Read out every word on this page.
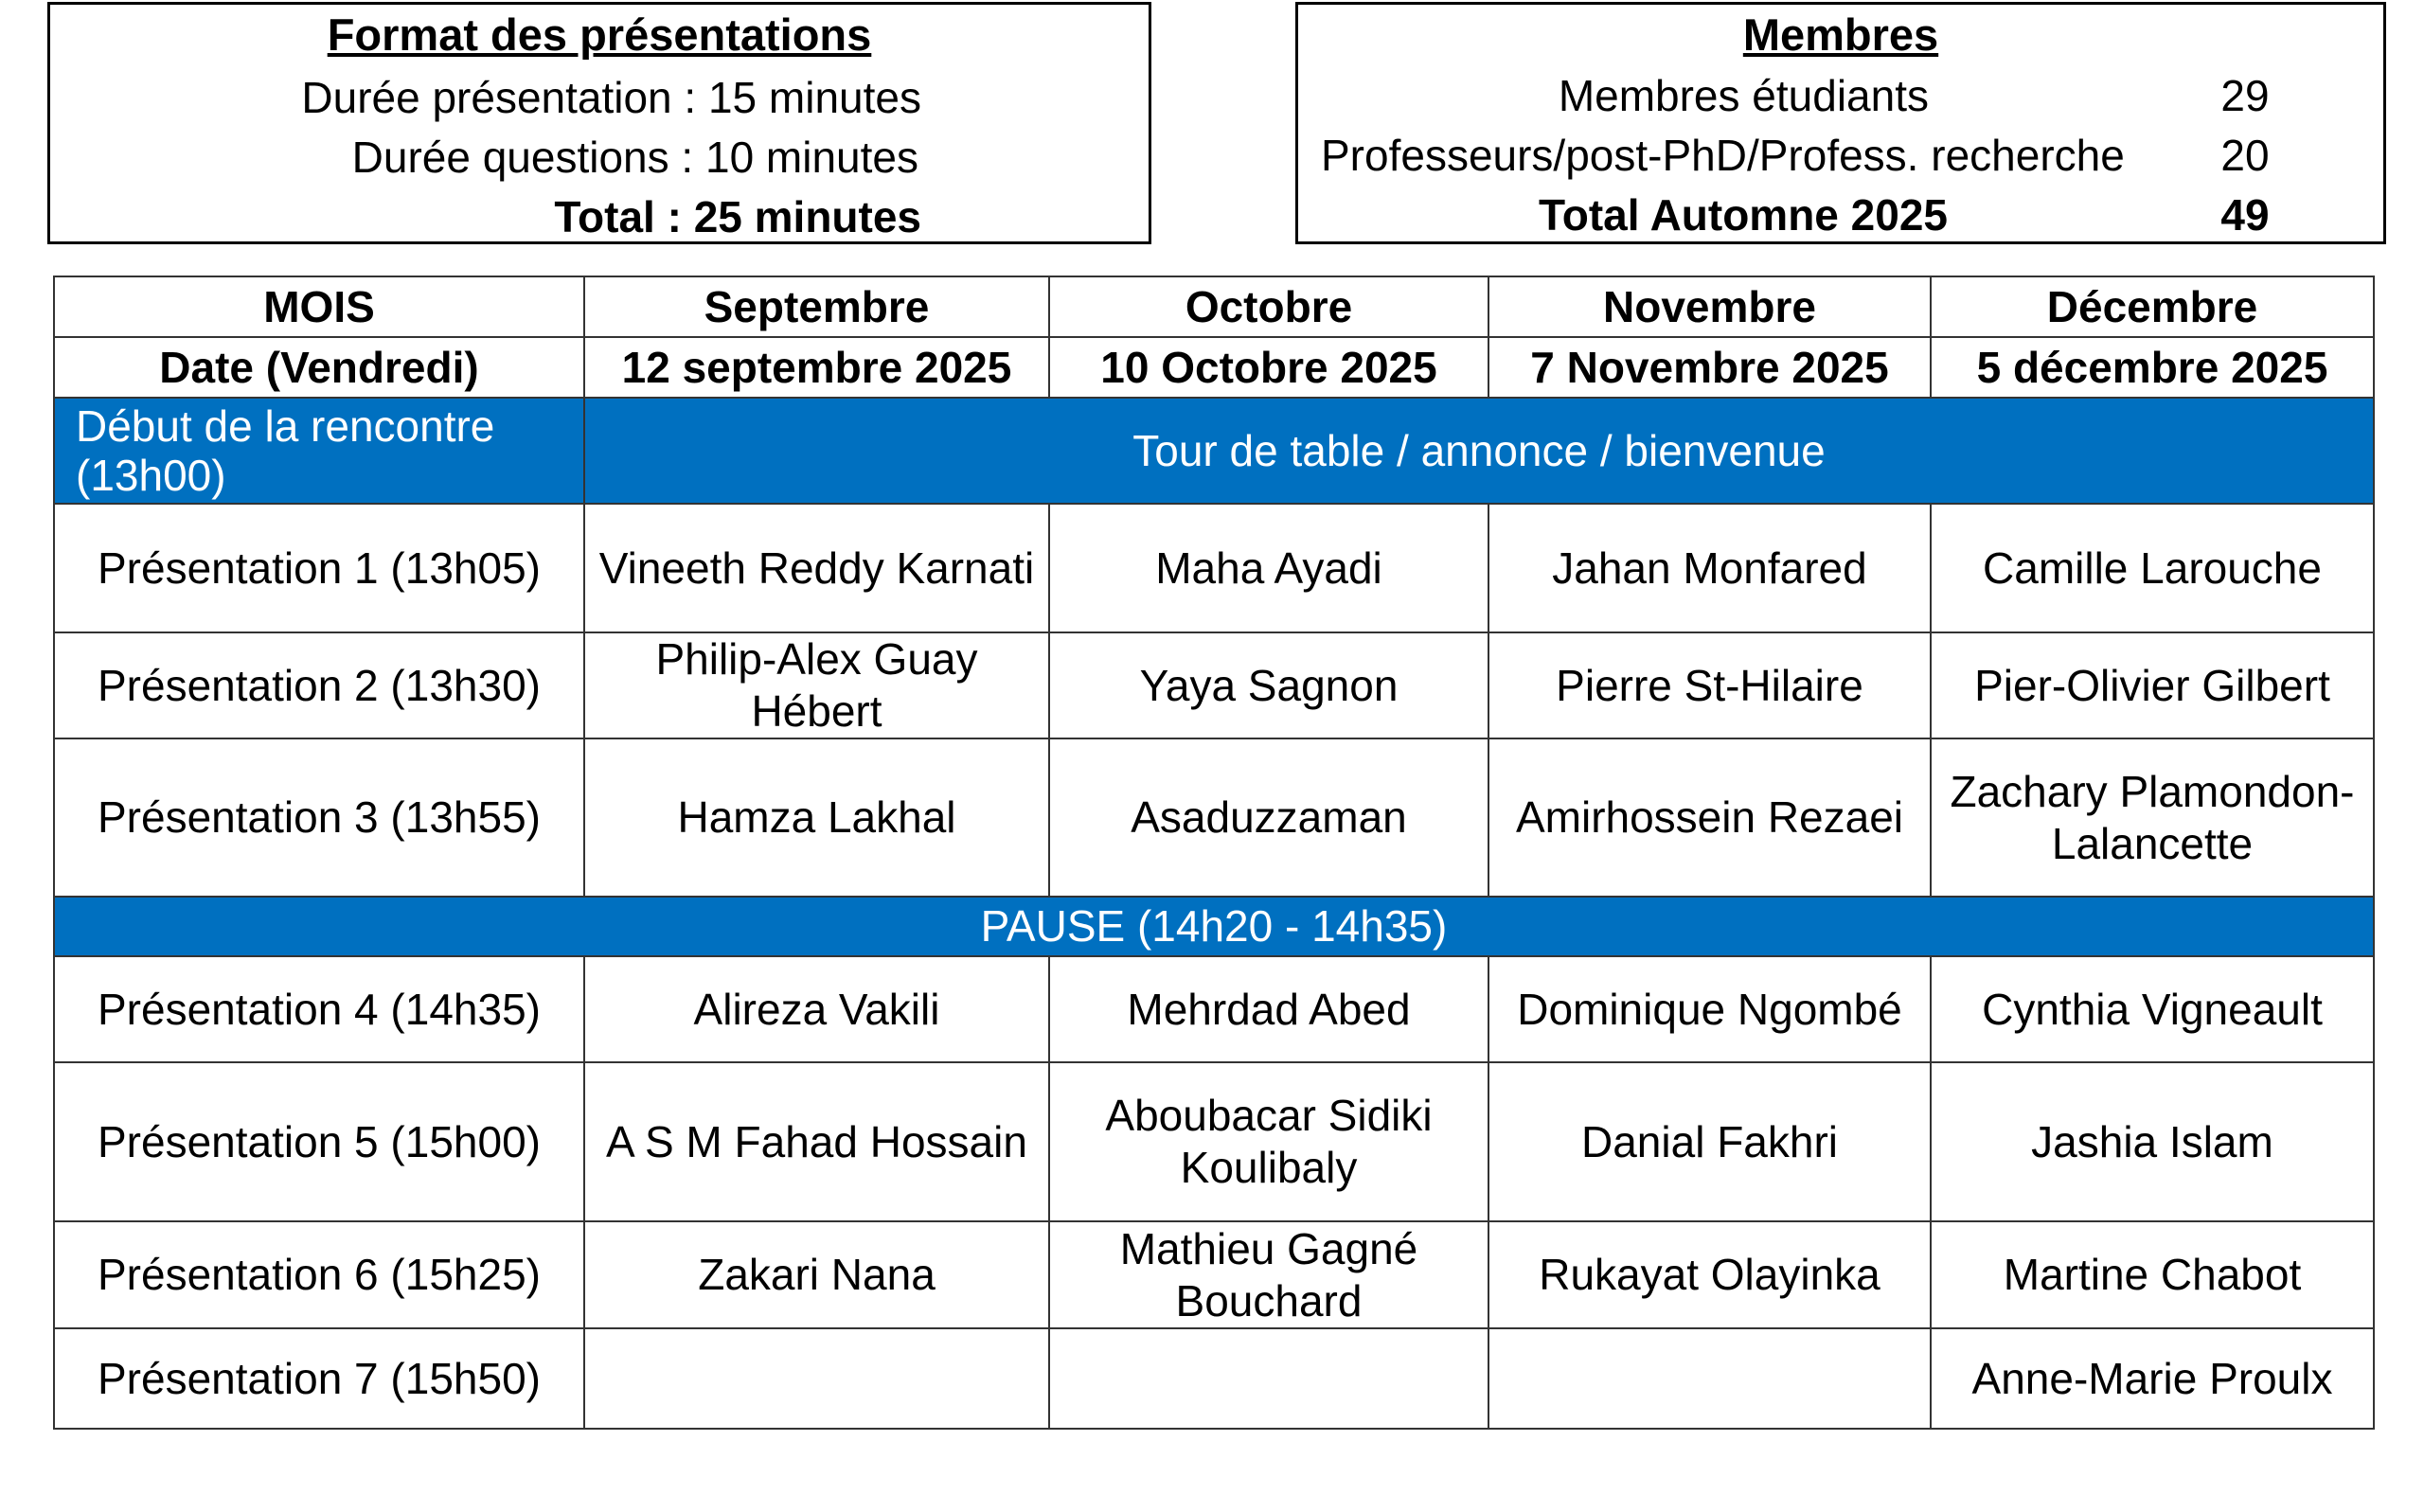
Format des présentations
Durée présentation : 15 minutes
Durée questions : 10 minutes
Total : 25 minutes
Membres
Membres étudiants	29
Professeurs/post-PhD/Profess. recherche	20
Total Automne 2025	49
MOIS	Septembre	Octobre	Novembre	Décembre
Date (Vendredi)	12 septembre 2025	10 Octobre 2025	7 Novembre 2025	5 décembre 2025
Début de la rencontre (13h00)	Tour de table / annonce / bienvenue			
Présentation 1 (13h05)	Vineeth Reddy Karnati	Maha Ayadi	Jahan Monfared	Camille Larouche
Présentation 2 (13h30)	Philip-Alex Guay Hébert	Yaya Sagnon	Pierre St-Hilaire	Pier-Olivier Gilbert
Présentation 3 (13h55)	Hamza Lakhal	Asaduzzaman	Amirhossein Rezaei	Zachary Plamondon-Lalancette
PAUSE (14h20 - 14h35)				
Présentation 4 (14h35)	Alireza Vakili	Mehrdad Abed	Dominique Ngombé	Cynthia Vigneault
Présentation 5 (15h00)	A S M Fahad Hossain	Aboubacar Sidiki Koulibaly	Danial Fakhri	Jashia Islam
Présentation 6 (15h25)	Zakari Nana	Mathieu Gagné Bouchard	Rukayat Olayinka	Martine Chabot
Présentation 7 (15h50)				Anne-Marie Proulx
